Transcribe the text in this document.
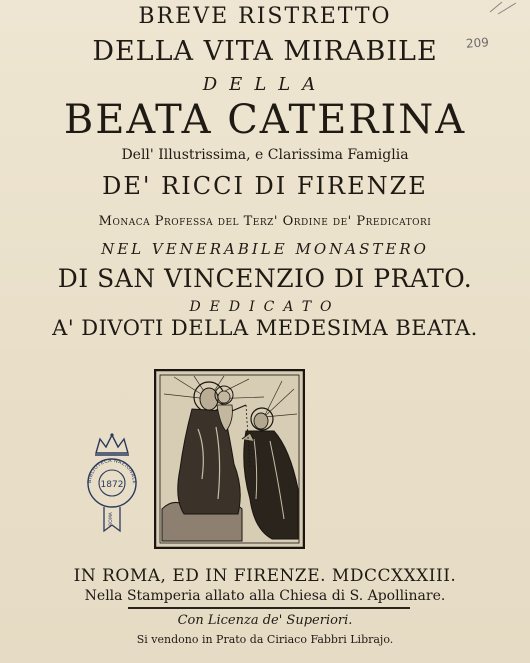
BREVE RISTRETTO
DELLA VITA MIRABILE
DELLA
BEATA CATERINA
Dell' Illustrissima, e Clarissima Famiglia
DE' RICCI DI FIRENZE
Monaca Professa del Terz' Ordine de' Predicatori
NEL VENERABILE MONASTERO
DI SAN VINCENZIO DI PRATO.
DEDICATO
A' DIVOTI DELLA MEDESIMA BEATA.
209
BIBLIOTECA NAZIONALE
1872
ROMA
IN ROMA, ED IN FIRENZE. MDCCXXXIII.
Nella Stamperia allato alla Chiesa di S. Apollinare.
Con Licenza de' Superiori.
Si vendono in Prato da Ciriaco Fabbri Librajo.
